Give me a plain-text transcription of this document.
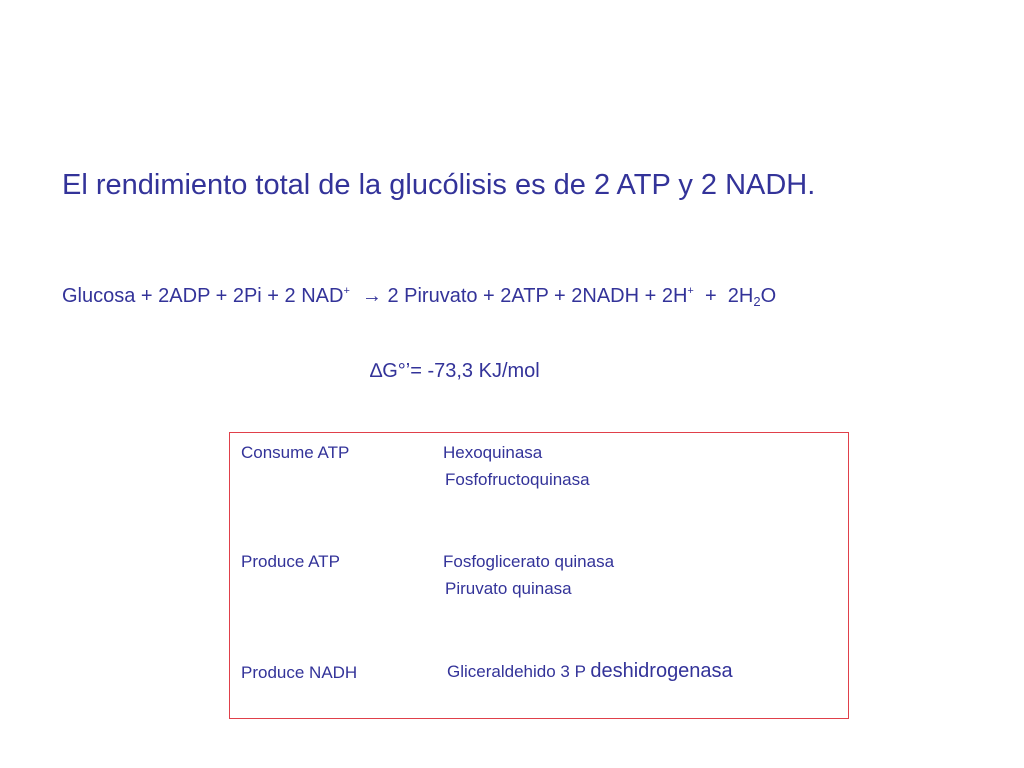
El rendimiento total de la glucólisis es de 2 ATP y 2 NADH.
Glucosa + 2ADP + 2Pi + 2 NAD+ → 2 Piruvato + 2ATP + 2NADH + $2H^+ + 2H_2O$
∆G°’= -73,3 KJ/mol
Consume ATP	Hexoquinasa
Fosfofructoquinasa
Produce ATP	Fosfoglicerato quinasa
Piruvato quinasa
Produce NADH	Gliceraldehido 3 P deshidrogenasa
